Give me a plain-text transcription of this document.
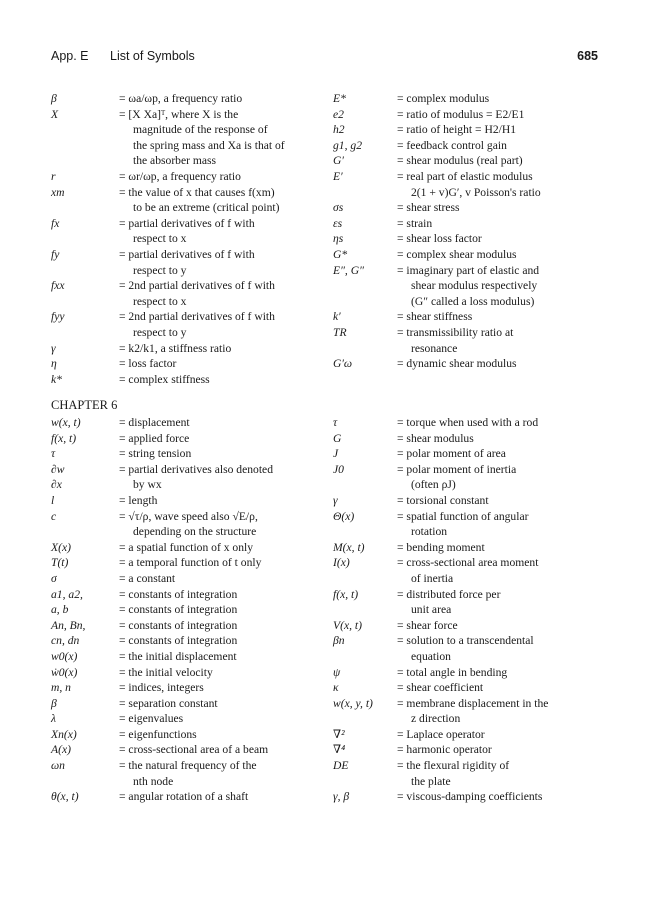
App. E List of Symbols	685
β	= ωa/ωp, a frequency ratio
X	= [X Xa]ᵀ, where X is the
magnitude of the response of
the spring mass and Xa is that of
the absorber mass
r	= ωr/ωp, a frequency ratio
xm	= the value of x that causes f(xm)
to be an extreme (critical point)
fx	= partial derivatives of f with
respect to x
fy	= partial derivatives of f with
respect to y
fxx	= 2nd partial derivatives of f with
respect to x
fyy	= 2nd partial derivatives of f with
respect to y
γ	= k2/k1, a stiffness ratio
η	= loss factor
k*	= complex stiffness
E*	= complex modulus
e2	= ratio of modulus = E2/E1
h2	= ratio of height = H2/H1
g1, g2	= feedback control gain
G′	= shear modulus (real part)
E′	= real part of elastic modulus
2(1 + v)G′, v Poisson's ratio
σs	= shear stress
εs	= strain
ηs	= shear loss factor
G*	= complex shear modulus
E″, G″	= imaginary part of elastic and
shear modulus respectively
(G″ called a loss modulus)
k′	= shear stiffness
TR	= transmissibility ratio at
resonance
G′ω	= dynamic shear modulus
CHAPTER 6
w(x, t)	= displacement
f(x, t)	= applied force
τ	= string tension
∂w	= partial derivatives also denoted
∂x	by wx
l	= length
c	= √τ/ρ, wave speed also √E/ρ,
depending on the structure
X(x)	= a spatial function of x only
T(t)	= a temporal function of t only
σ	= a constant
a1, a2,	= constants of integration
a, b	= constants of integration
An, Bn,	= constants of integration
cn, dn	= constants of integration
w0(x)	= the initial displacement
ẇ0(x)	= the initial velocity
m, n	= indices, integers
β	= separation constant
λ	= eigenvalues
Xn(x)	= eigenfunctions
A(x)	= cross-sectional area of a beam
ωn	= the natural frequency of the
nth node
θ(x, t)	= angular rotation of a shaft
τ	= torque when used with a rod
G	= shear modulus
J	= polar moment of area
J0	= polar moment of inertia
(often ρJ)
γ	= torsional constant
Θ(x)	= spatial function of angular
rotation
M(x, t)	= bending moment
I(x)	= cross-sectional area moment
of inertia
f(x, t)	= distributed force per
unit area
V(x, t)	= shear force
βn	= solution to a transcendental
equation
ψ	= total angle in bending
κ	= shear coefficient
w(x, y, t)	= membrane displacement in the
z direction
∇²	= Laplace operator
∇⁴	= harmonic operator
DE	= the flexural rigidity of
the plate
γ, β	= viscous-damping coefficients
